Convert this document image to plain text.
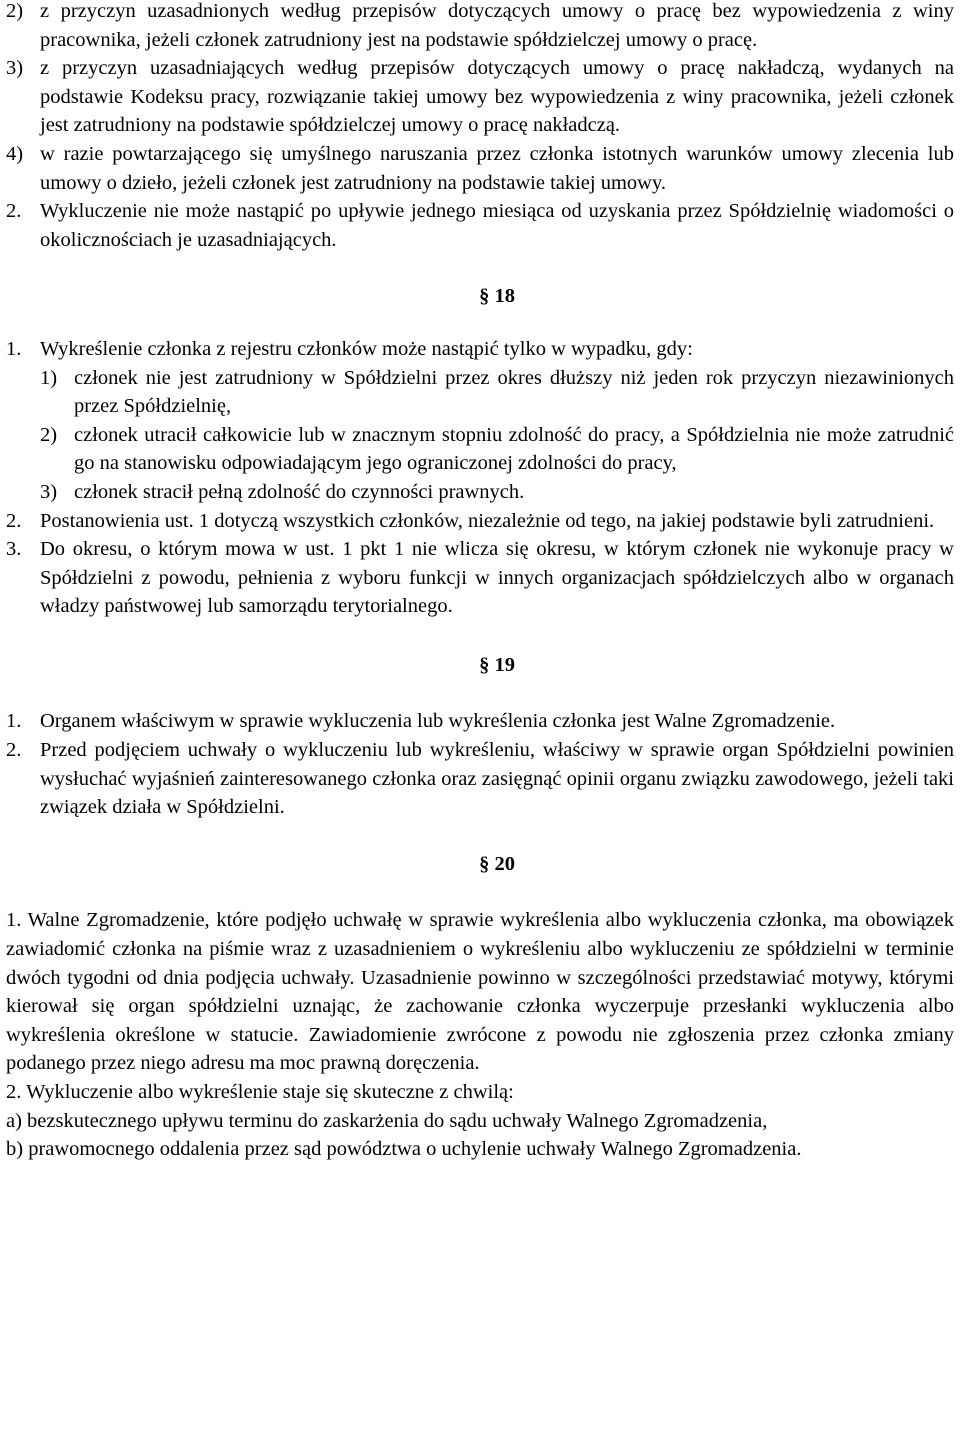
2) z przyczyn uzasadnionych według przepisów dotyczących umowy o pracę bez wypowiedzenia z winy pracownika, jeżeli członek zatrudniony jest na podstawie spółdzielczej umowy o pracę.
3) z przyczyn uzasadniających według przepisów dotyczących umowy o pracę nakładczą, wydanych na podstawie Kodeksu pracy, rozwiązanie takiej umowy bez wypowiedzenia z winy pracownika, jeżeli członek jest zatrudniony na podstawie spółdzielczej umowy o pracę nakładczą.
4) w razie powtarzającego się umyślnego naruszania przez członka istotnych warunków umowy zlecenia lub umowy o dzieło, jeżeli członek jest zatrudniony na podstawie takiej umowy.
2. Wykluczenie nie może nastąpić po upływie jednego miesiąca od uzyskania przez Spółdzielnię wiadomości o okolicznościach je uzasadniających.
§ 18
1. Wykreślenie członka z rejestru członków może nastąpić tylko w wypadku, gdy:
1) członek nie jest zatrudniony w Spółdzielni przez okres dłuższy niż jeden rok przyczyn niezawinionych przez Spółdzielnię,
2) członek utracił całkowicie lub w znacznym stopniu zdolność do pracy, a Spółdzielnia nie może zatrudnić go na stanowisku odpowiadającym jego ograniczonej zdolności do pracy,
3) członek stracił pełną zdolność do czynności prawnych.
2. Postanowienia ust. 1 dotyczą wszystkich członków, niezależnie od tego, na jakiej podstawie byli zatrudnieni.
3. Do okresu, o którym mowa w ust. 1 pkt 1 nie wlicza się okresu, w którym członek nie wykonuje pracy w Spółdzielni z powodu, pełnienia z wyboru funkcji w innych organizacjach spółdzielczych albo w organach władzy państwowej lub samorządu terytorialnego.
§ 19
1. Organem właściwym w sprawie wykluczenia lub wykreślenia członka jest Walne Zgromadzenie.
2. Przed podjęciem uchwały o wykluczeniu lub wykreśleniu, właściwy w sprawie organ Spółdzielni powinien wysłuchać wyjaśnień zainteresowanego członka oraz zasięgnąć opinii organu związku zawodowego, jeżeli taki związek działa w Spółdzielni.
§ 20

1. Walne Zgromadzenie, które podjęło uchwałę w sprawie wykreślenia albo wykluczenia członka, ma obowiązek zawiadomić członka na piśmie wraz z uzasadnieniem o wykreśleniu albo wykluczeniu ze spółdzielni w terminie dwóch tygodni od dnia podjęcia uchwały. Uzasadnienie powinno w szczególności przedstawiać motywy, którymi kierował się organ spółdzielni uznając, że zachowanie członka wyczerpuje przesłanki wykluczenia albo wykreślenia określone w statucie. Zawiadomienie zwrócone z powodu nie zgłoszenia przez członka zmiany podanego przez niego adresu ma moc prawną doręczenia.

2. Wykluczenie albo wykreślenie staje się skuteczne z chwilą:

a) bezskutecznego upływu terminu do zaskarżenia do sądu uchwały Walnego Zgromadzenia,

b) prawomocnego oddalenia przez sąd powództwa o uchylenie uchwały Walnego Zgromadzenia.
